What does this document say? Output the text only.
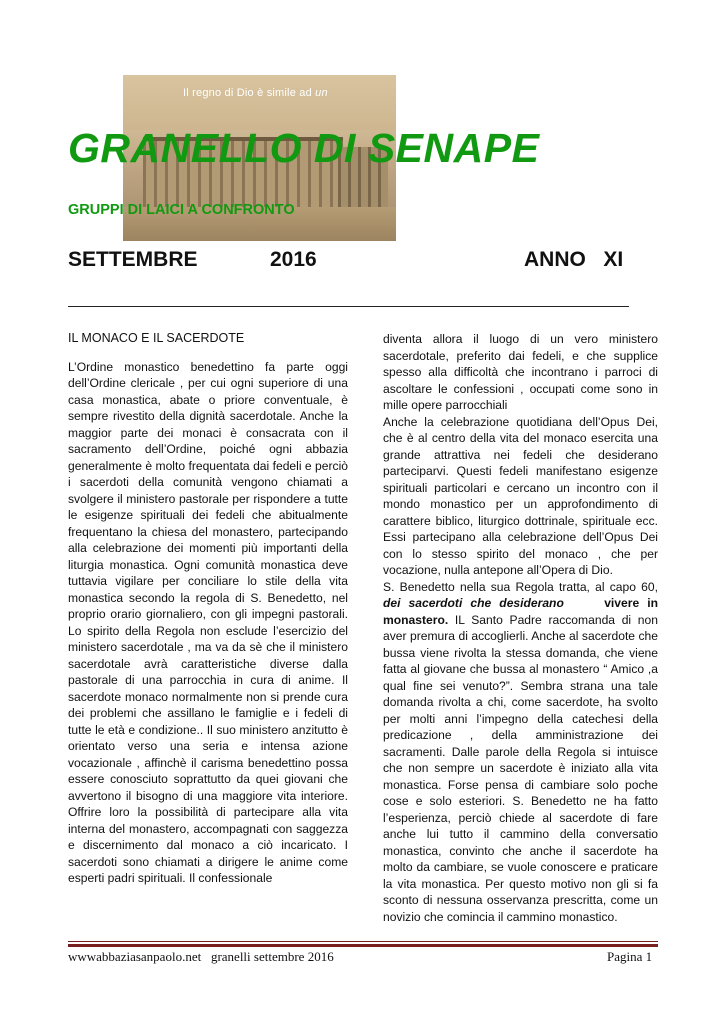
Il regno di Dio è simile ad un
GRANELLO DI SENAPE
GRUPPI DI LAICI A CONFRONTO
SETTEMBRE	2016	ANNO   XI

IL MONACO E IL SACERDOTE

L’Ordine monastico benedettino fa parte oggi dell’Ordine clericale , per cui ogni superiore di una casa monastica, abate o priore conventuale, è sempre rivestito della dignità sacerdotale. Anche la maggior parte dei monaci è consacrata con il sacramento dell’Ordine, poiché ogni abbazia generalmente è molto frequentata dai fedeli e perciò i sacerdoti della comunità vengono chiamati a svolgere il ministero pastorale per rispondere a tutte le esigenze spirituali dei fedeli che abitualmente frequentano la chiesa del monastero, partecipando alla celebrazione dei momenti più importanti della liturgia monastica. Ogni comunità monastica deve tuttavia vigilare per conciliare lo stile della vita monastica secondo la regola di S. Benedetto, nel proprio orario giornaliero, con gli impegni pastorali. Lo spirito della Regola non esclude l’esercizio del ministero sacerdotale , ma va da sè che il ministero sacerdotale avrà caratteristiche diverse dalla pastorale di una parrocchia in cura di anime. Il sacerdote monaco normalmente non si prende cura dei problemi che assillano le famiglie e i fedeli di tutte le età e condizione.. Il suo ministero anzitutto è orientato verso una seria e intensa azione vocazionale , affinchè il carisma benedettino possa essere conosciuto soprattutto da quei giovani che avvertono il bisogno di una maggiore vita interiore. Offrire loro la possibilità di partecipare alla vita interna del monastero, accompagnati con saggezza e discernimento dal monaco a ciò incaricato. I sacerdoti sono chiamati a dirigere le anime come esperti padri spirituali. Il confessionale

diventa allora il luogo di un vero ministero sacerdotale, preferito dai fedeli, e che supplice spesso alla difficoltà che incontrano i parroci di ascoltare le confessioni , occupati come sono in mille opere parrocchiali

Anche la celebrazione quotidiana dell’Opus Dei, che è al centro della vita del monaco esercita una grande attrattiva nei fedeli che desiderano parteciparvi. Questi fedeli manifestano esigenze spirituali particolari e cercano un incontro con il mondo monastico per un approfondimento di carattere biblico, liturgico dottrinale, spirituale ecc. Essi partecipano alla celebrazione dell’Opus Dei con lo stesso spirito del monaco , che per vocazione, nulla antepone all’Opera di Dio.

S. Benedetto nella sua Regola tratta, al capo 60, dei sacerdoti che desiderano     vivere in monastero. IL Santo Padre raccomanda di non aver premura di accoglierli. Anche al sacerdote che bussa viene rivolta la stessa domanda, che viene fatta al giovane che bussa al monastero “ Amico ,a qual fine sei venuto?”. Sembra strana una tale domanda rivolta a chi, come sacerdote, ha svolto per molti anni l’impegno della catechesi della predicazione , della amministrazione dei sacramenti. Dalle parole della Regola si intuisce che non sempre un sacerdote è iniziato alla vita monastica. Forse pensa di cambiare solo poche cose e solo esteriori. S. Benedetto ne ha fatto l’esperienza, perciò chiede al sacerdote di fare anche lui tutto il cammino della conversatio monastica, convinto che anche il sacerdote ha molto da cambiare, se vuole conoscere e praticare la vita monastica. Per questo motivo non gli si fa sconto di nessuna osservanza prescritta, come un novizio che comincia il cammino monastico.

wwwabbaziasanpaolo.net   granelli settembre 2016	Pagina 1
